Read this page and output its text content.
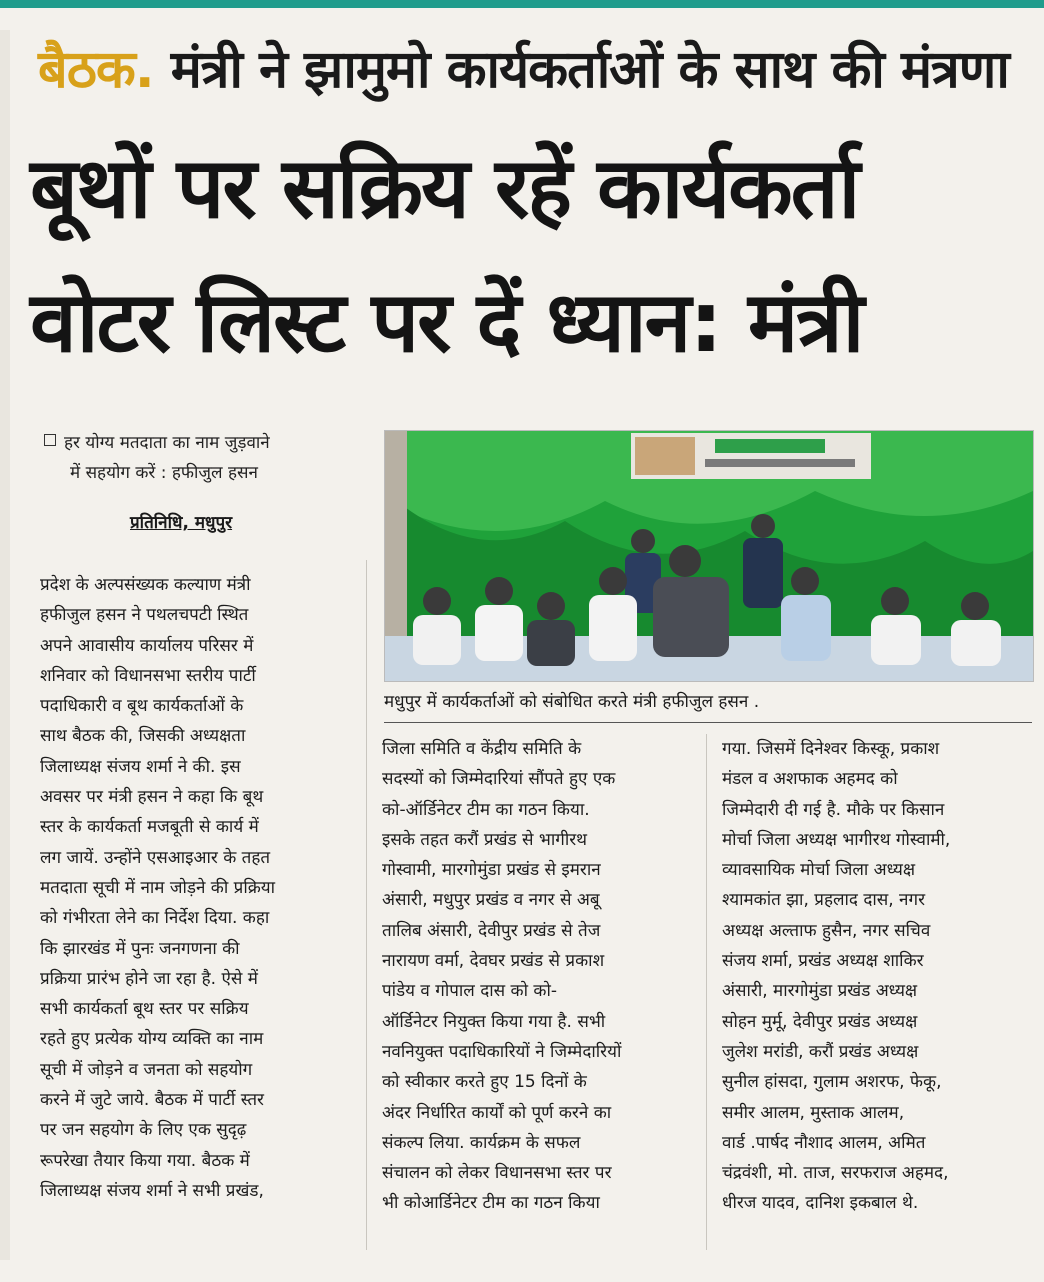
बैठक. मंत्री ने झामुमो कार्यकर्ताओं के साथ की मंत्रणा
बूथों पर सक्रिय रहें कार्यकर्ता
वोटर लिस्ट पर दें ध्यान: मंत्री
हर योग्य मतदाता का नाम जुड़वाने
में सहयोग करें : हफीजुल हसन
प्रतिनिधि, मधुपुर
मधुपुर में कार्यकर्ताओं को संबोधित करते मंत्री हफीजुल हसन .
प्रदेश के अल्पसंख्यक कल्याण मंत्री
हफीजुल हसन ने पथलचपटी स्थित
अपने आवासीय कार्यालय परिसर में
शनिवार को विधानसभा स्तरीय पार्टी
पदाधिकारी व बूथ कार्यकर्ताओं के
साथ बैठक की, जिसकी अध्यक्षता
जिलाध्यक्ष संजय शर्मा ने की. इस
अवसर पर मंत्री हसन ने कहा कि बूथ
स्तर के कार्यकर्ता मजबूती से कार्य में
लग जायें. उन्होंने एसआइआर के तहत
मतदाता सूची में नाम जोड़ने की प्रक्रिया
को गंभीरता लेने का निर्देश दिया. कहा
कि झारखंड में पुनः जनगणना की
प्रक्रिया प्रारंभ होने जा रहा है. ऐसे में
सभी कार्यकर्ता बूथ स्तर पर सक्रिय
रहते हुए प्रत्येक योग्य व्यक्ति का नाम
सूची में जोड़ने व जनता को सहयोग
करने में जुटे जाये. बैठक में पार्टी स्तर
पर जन सहयोग के लिए एक सुदृढ़
रूपरेखा तैयार किया गया. बैठक में
जिलाध्यक्ष संजय शर्मा ने सभी प्रखंड,
जिला समिति व केंद्रीय समिति के
सदस्यों को जिम्मेदारियां सौंपते हुए एक
को-ऑर्डिनेटर टीम का गठन किया.
इसके तहत करौं प्रखंड से भागीरथ
गोस्वामी, मारगोमुंडा प्रखंड से इमरान
अंसारी, मधुपुर प्रखंड व नगर से अबू
तालिब अंसारी, देवीपुर प्रखंड से तेज
नारायण वर्मा, देवघर प्रखंड से प्रकाश
पांडेय व गोपाल दास को को-
ऑर्डिनेटर नियुक्त किया गया है. सभी
नवनियुक्त पदाधिकारियों ने जिम्मेदारियों
को स्वीकार करते हुए 15 दिनों के
अंदर निर्धारित कार्यों को पूर्ण करने का
संकल्प लिया. कार्यक्रम के सफल
संचालन को लेकर विधानसभा स्तर पर
भी कोआर्डिनेटर टीम का गठन किया
गया. जिसमें दिनेश्वर किस्कू, प्रकाश
मंडल व अशफाक अहमद को
जिम्मेदारी दी गई है. मौके पर किसान
मोर्चा जिला अध्यक्ष भागीरथ गोस्वामी,
व्यावसायिक मोर्चा जिला अध्यक्ष
श्यामकांत झा, प्रहलाद दास, नगर
अध्यक्ष अल्ताफ हुसैन, नगर सचिव
संजय शर्मा, प्रखंड अध्यक्ष शाकिर
अंसारी, मारगोमुंडा प्रखंड अध्यक्ष
सोहन मुर्मू, देवीपुर प्रखंड अध्यक्ष
जुलेश मरांडी, करौं प्रखंड अध्यक्ष
सुनील हांसदा, गुलाम अशरफ, फेकू,
समीर आलम, मुस्ताक आलम,
वार्ड .पार्षद नौशाद आलम, अमित
चंद्रवंशी, मो. ताज, सरफराज अहमद,
धीरज यादव, दानिश इकबाल थे.
